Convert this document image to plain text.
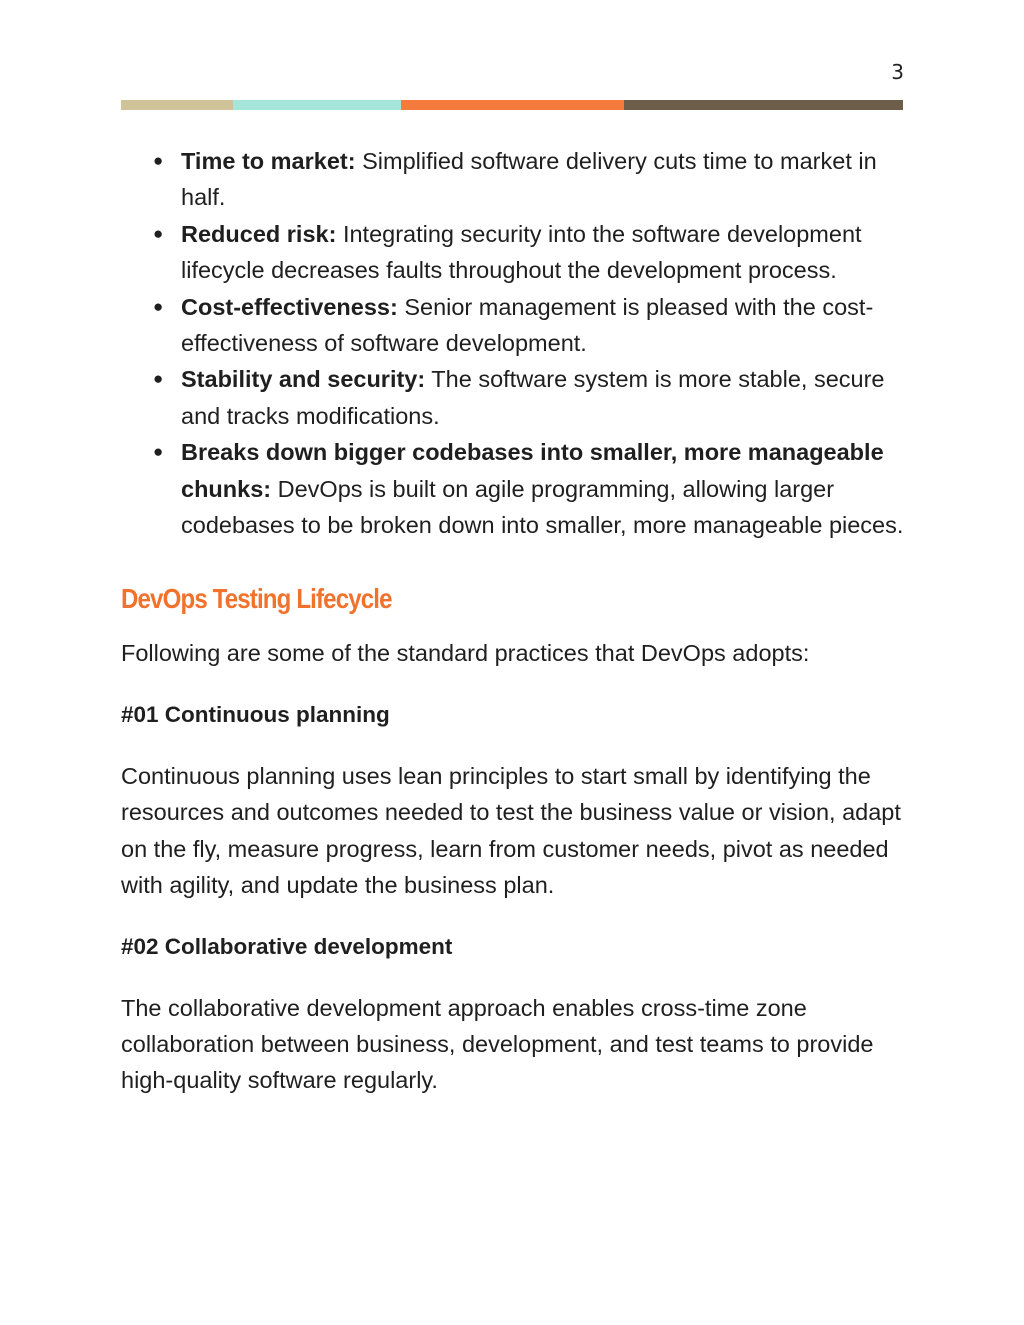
3
● Time to market: Simplified software delivery cuts time to market in half.
● Reduced risk: Integrating security into the software development lifecycle decreases faults throughout the development process.
● Cost-effectiveness: Senior management is pleased with the cost-effectiveness of software development.
● Stability and security: The software system is more stable, secure and tracks modifications.
● Breaks down bigger codebases into smaller, more manageable chunks: DevOps is built on agile programming, allowing larger codebases to be broken down into smaller, more manageable pieces.
DevOps Testing Lifecycle

Following are some of the standard practices that DevOps adopts:

#01 Continuous planning

Continuous planning uses lean principles to start small by identifying the resources and outcomes needed to test the business value or vision, adapt on the fly, measure progress, learn from customer needs, pivot as needed with agility, and update the business plan.

#02 Collaborative development

The collaborative development approach enables cross-time zone collaboration between business, development, and test teams to provide high-quality software regularly.
